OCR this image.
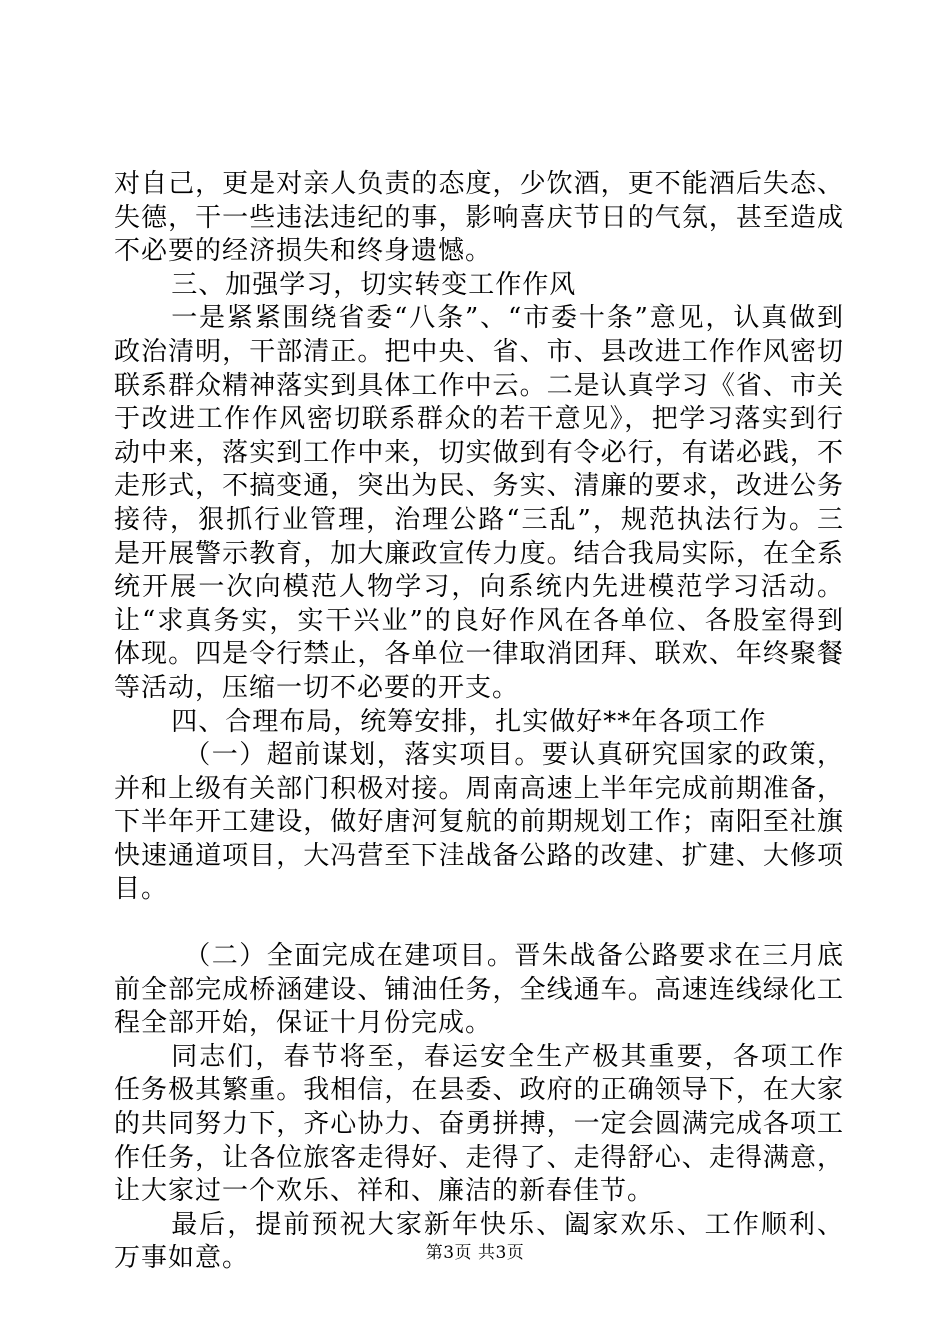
对自己，更是对亲人负责的态度，少饮酒，更不能酒后失态、失德，干一些违法违纪的事，影响喜庆节日的气氛，甚至造成不必要的经济损失和终身遗憾。

三、加强学习，切实转变工作作风

一是紧紧围绕省委“八条”、“市委十条”意见，认真做到政治清明，干部清正。把中央、省、市、县改进工作作风密切联系群众精神落实到具体工作中云。二是认真学习《省、市关于改进工作作风密切联系群众的若干意见》，把学习落实到行动中来，落实到工作中来，切实做到有令必行，有诺必践，不走形式，不搞变通，突出为民、务实、清廉的要求，改进公务接待，狠抓行业管理，治理公路“三乱”，规范执法行为。三是开展警示教育，加大廉政宣传力度。结合我局实际，在全系统开展一次向模范人物学习，向系统内先进模范学习活动。让“求真务实，实干兴业”的良好作风在各单位、各股室得到体现。四是令行禁止，各单位一律取消团拜、联欢、年终聚餐等活动，压缩一切不必要的开支。

四、合理布局，统筹安排，扎实做好**年各项工作

（一）超前谋划，落实项目。要认真研究国家的政策，并和上级有关部门积极对接。周南高速上半年完成前期准备，下半年开工建设，做好唐河复航的前期规划工作；南阳至社旗快速通道项目，大冯营至下洼战备公路的改建、扩建、大修项目。

（二）全面完成在建项目。晋朱战备公路要求在三月底前全部完成桥涵建设、铺油任务，全线通车。高速连线绿化工程全部开始，保证十月份完成。

同志们，春节将至，春运安全生产极其重要，各项工作任务极其繁重。我相信，在县委、政府的正确领导下，在大家的共同努力下，齐心协力、奋勇拼搏，一定会圆满完成各项工作任务，让各位旅客走得好、走得了、走得舒心、走得满意，让大家过一个欢乐、祥和、廉洁的新春佳节。

最后，提前预祝大家新年快乐、阖家欢乐、工作顺利、万事如意。	第3页 共3页
